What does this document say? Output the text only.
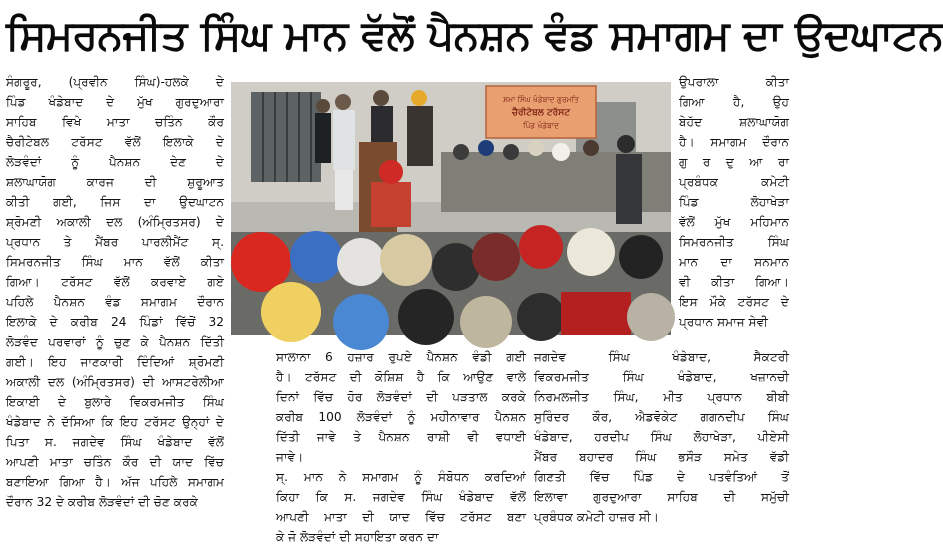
ਸਿਮਰਨਜੀਤ ਸਿੰਘ ਮਾਨ ਵੱਲੋਂ ਪੈਨਸ਼ਨ ਵੰਡ ਸਮਾਗਮ ਦਾ ਉਦਘਾਟਨ
ਸੰਗਰੂਰ, (ਪ੍ਰਵੀਨ ਸਿੰਘ)-ਹਲਕੇ ਦੇ
ਪਿੰਡ ਖੰਡੇਬਾਦ ਦੇ ਮੁੱਖ ਗੁਰਦੁਆਰਾ
ਸਾਹਿਬ ਵਿਖੇ ਮਾਤਾ ਚਤਿੰਨ ਕੌਰ
ਚੈਰੀਟੇਬਲ ਟਰੱਸਟ ਵੱਲੋਂ ਇਲਾਕੇ ਦੇ
ਲੋੜਵੰਦਾਂ ਨੂੰ ਪੈਨਸ਼ਨ ਦੇਣ ਦੇ
ਸ਼ਲਾਘਾਯੋਗ ਕਾਰਜ ਦੀ ਸ਼ੁਰੂਆਤ
ਕੀਤੀ ਗਈ, ਜਿਸ ਦਾ ਉਦਘਾਟਨ
ਸ਼੍ਰੋਮਣੀ ਅਕਾਲੀ ਦਲ (ਅੰਮ੍ਰਿਤਸਰ) ਦੇ
ਪ੍ਰਧਾਨ ਤੇ ਮੈਂਬਰ ਪਾਰਲੀਮੈਂਟ ਸ੍.
ਸਿਮਰਨਜੀਤ ਸਿੰਘ ਮਾਨ ਵੱਲੋਂ ਕੀਤਾ
ਗਿਆ। ਟਰੱਸਟ ਵੱਲੋਂ ਕਰਵਾਏ ਗਏ
ਪਹਿਲੇ ਪੈਨਸ਼ਨ ਵੰਡ ਸਮਾਗਮ ਦੌਰਾਨ
ਇਲਾਕੇ ਦੇ ਕਰੀਬ 24 ਪਿੰਡਾਂ ਵਿੱਚੋਂ 32
ਲੋੜਵੰਦ ਪਰਵਾਰਾਂ ਨੂੰ ਚੁਣ ਕੇ ਪੈਨਸ਼ਨ ਦਿੱਤੀ
ਗਈ। ਇਹ ਜਾਣਕਾਰੀ ਦਿੰਦਿਆਂ ਸ਼੍ਰੋਮਣੀ
ਅਕਾਲੀ ਦਲ (ਅੰਮ੍ਰਿਤਸਰ) ਦੀ ਆਸਟਰੇਲੀਆ
ਇਕਾਈ ਦੇ ਬੁਲਾਰੇ ਵਿਕਰਮਜੀਤ ਸਿੰਘ
ਖੰਡੇਬਾਦ ਨੇ ਦੱਸਿਆ ਕਿ ਇਹ ਟਰੱਸਟ ਉਨ੍ਹਾਂ ਦੇ
ਪਿਤਾ ਸ. ਜਗਦੇਵ ਸਿੰਘ ਖੰਡੇਬਾਦ ਵੱਲੋਂ
ਆਪਣੀ ਮਾਤਾ ਚਤਿੰਨ ਕੌਰ ਦੀ ਯਾਦ ਵਿੱਚ
ਬਣਾਇਆ ਗਿਆ ਹੈ। ਅੱਜ ਪਹਿਲੇ ਸਮਾਗਮ
ਦੌਰਾਨ 32 ਦੇ ਕਰੀਬ ਲੋੜਵੰਦਾਂ ਦੀ ਚੋਣ ਕਰਕੇ
ਸ਼ਮਾ ਸਿੰਘ ਖੰਡੇਬਾਦ ਗੁਰਮਤਿ
ਚੈਰੀਟੇਬਲ ਟਰੱਸਟ
ਪਿੰਡ ਖੰਡੇਬਾਦ
ਸਾਲਾਨਾ 6 ਹਜ਼ਾਰ ਰੁਪਏ ਪੈਨਸ਼ਨ ਵੰਡੀ ਗਈ
ਹੈ। ਟਰੱਸਟ ਦੀ ਕੋਸ਼ਿਸ਼ ਹੈ ਕਿ ਆਉਣ ਵਾਲੇ
ਦਿਨਾਂ ਵਿੱਚ ਹੋਰ ਲੋੜਵੰਦਾਂ ਦੀ ਪੜਤਾਲ ਕਰਕੇ
ਕਰੀਬ 100 ਲੋੜਵੰਦਾਂ ਨੂੰ ਮਹੀਨਾਵਾਰ ਪੈਨਸ਼ਨ
ਦਿੱਤੀ ਜਾਵੇ ਤੇ ਪੈਨਸ਼ਨ ਰਾਸ਼ੀ ਵੀ ਵਧਾਈ
ਜਾਵੇ।
ਸ੍. ਮਾਨ ਨੇ ਸਮਾਗਮ ਨੂੰ ਸੰਬੋਧਨ ਕਰਦਿਆਂ
ਕਿਹਾ ਕਿ ਸ. ਜਗਦੇਵ ਸਿੰਘ ਖੰਡੇਬਾਦ ਵੱਲੋਂ
ਆਪਣੀ ਮਾਤਾ ਦੀ ਯਾਦ ਵਿੱਚ ਟਰੱਸਟ ਬਣਾ
ਕੇ ਜੋ ਲੋੜਵੰਦਾਂ ਦੀ ਸਹਾਇਤਾ ਕਰਨ ਦਾ
ਜਗਦੇਵ ਸਿੰਘ ਖੰਡੇਬਾਦ, ਸੈਕਟਰੀ
ਵਿਕਰਮਜੀਤ ਸਿੰਘ ਖੰਡੇਬਾਦ, ਖਜ਼ਾਨਚੀ
ਨਿਰਮਲਜੀਤ ਸਿੰਘ, ਮੀਤ ਪ੍ਰਧਾਨ ਬੀਬੀ
ਸੁਰਿੰਦਰ ਕੌਰ, ਐਡਵੋਕੇਟ ਗਗਨਦੀਪ ਸਿੰਘ
ਖੰਡੇਬਾਦ, ਹਰਦੀਪ ਸਿੰਘ ਲੋਹਾਖੇੜਾ, ਪੀਏਸੀ
ਮੈਂਬਰ ਬਹਾਦਰ ਸਿੰਘ ਭਸੌੜ ਸਮੇਤ ਵੱਡੀ
ਗਿਣਤੀ ਵਿੱਚ ਪਿੰਡ ਦੇ ਪਤਵੰਤਿਆਂ ਤੋਂ
ਇਲਾਵਾ ਗੁਰਦੁਆਰਾ ਸਾਹਿਬ ਦੀ ਸਮੁੱਚੀ
ਪ੍ਰਬੰਧਕ ਕਮੇਟੀ ਹਾਜ਼ਰ ਸੀ।
ਉਪਰਾਲਾ ਕੀਤਾ
ਗਿਆ ਹੈ, ਉਹ
ਬੇਹੱਦ ਸ਼ਲਾਘਾਯੋਗ
ਹੈ। ਸਮਾਗਮ ਦੌਰਾਨ
ਗੁ ਰ ਦੁ ਆ ਰਾ
ਪ੍ਰਬੰਧਕ ਕਮੇਟੀ
ਪਿੰਡ ਲੋਹਾਖੇੜਾ
ਵੱਲੋਂ ਮੁੱਖ ਮਹਿਮਾਨ
ਸਿਮਰਨਜੀਤ ਸਿੰਘ
ਮਾਨ ਦਾ ਸਨਮਾਨ
ਵੀ ਕੀਤਾ ਗਿਆ।
ਇਸ ਮੌਕੇ ਟਰੱਸਟ ਦੇ
ਪ੍ਰਧਾਨ ਸਮਾਜ ਸੇਵੀ
